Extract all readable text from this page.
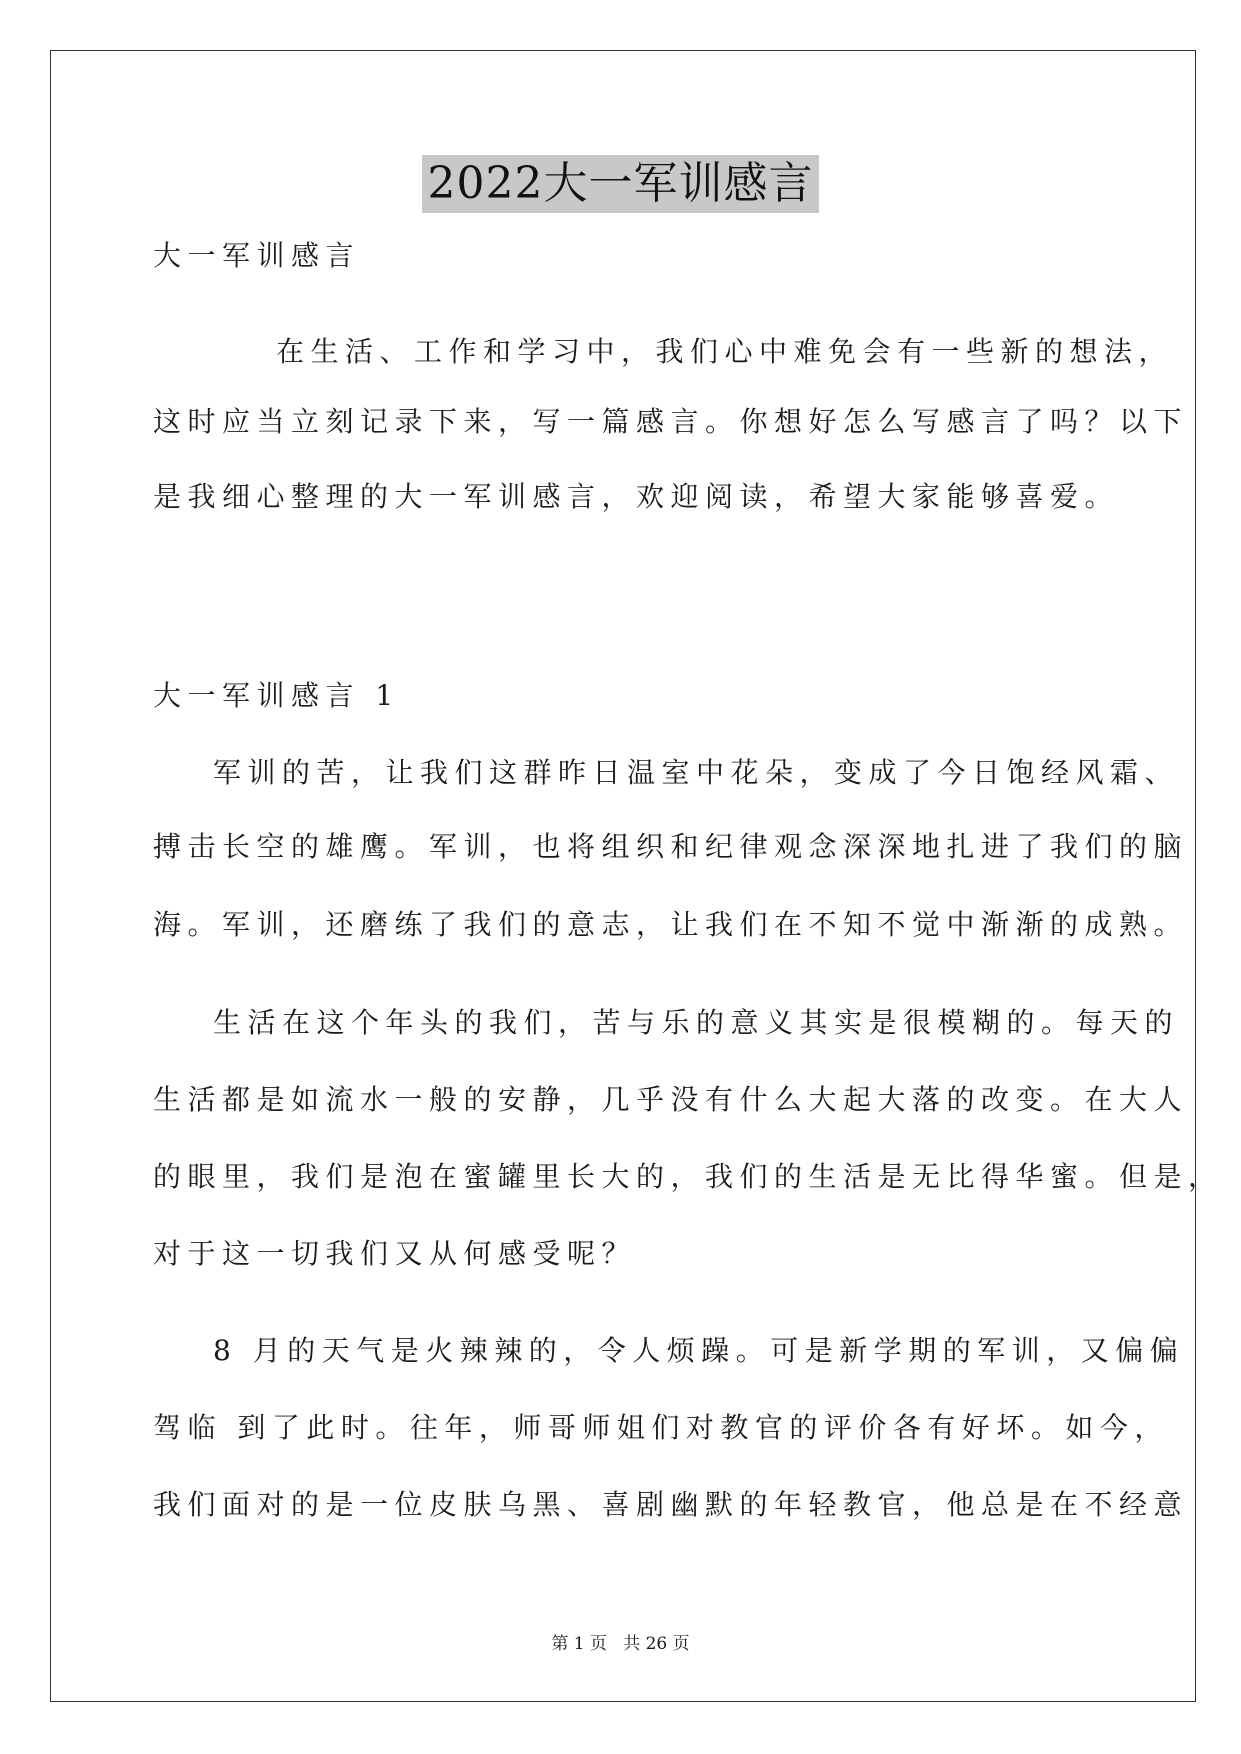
2022大一军训感言
大一军训感言
在生活、工作和学习中，我们心中难免会有一些新的想法，
这时应当立刻记录下来，写一篇感言。你想好怎么写感言了吗？以下
是我细心整理的大一军训感言，欢迎阅读，希望大家能够喜爱。
大一军训感言 1
军训的苦，让我们这群昨日温室中花朵，变成了今日饱经风霜、
搏击长空的雄鹰。军训，也将组织和纪律观念深深地扎进了我们的脑
海。军训，还磨练了我们的意志，让我们在不知不觉中渐渐的成熟。
生活在这个年头的我们，苦与乐的意义其实是很模糊的。每天的
生活都是如流水一般的安静，几乎没有什么大起大落的改变。在大人
的眼里，我们是泡在蜜罐里长大的，我们的生活是无比得华蜜。但是，
对于这一切我们又从何感受呢？
8 月的天气是火辣辣的，令人烦躁。可是新学期的军训，又偏偏
驾临 到了此时。往年，师哥师姐们对教官的评价各有好坏。如今，
我们面对的是一位皮肤乌黑、喜剧幽默的年轻教官，他总是在不经意
第 1 页   共 26 页
